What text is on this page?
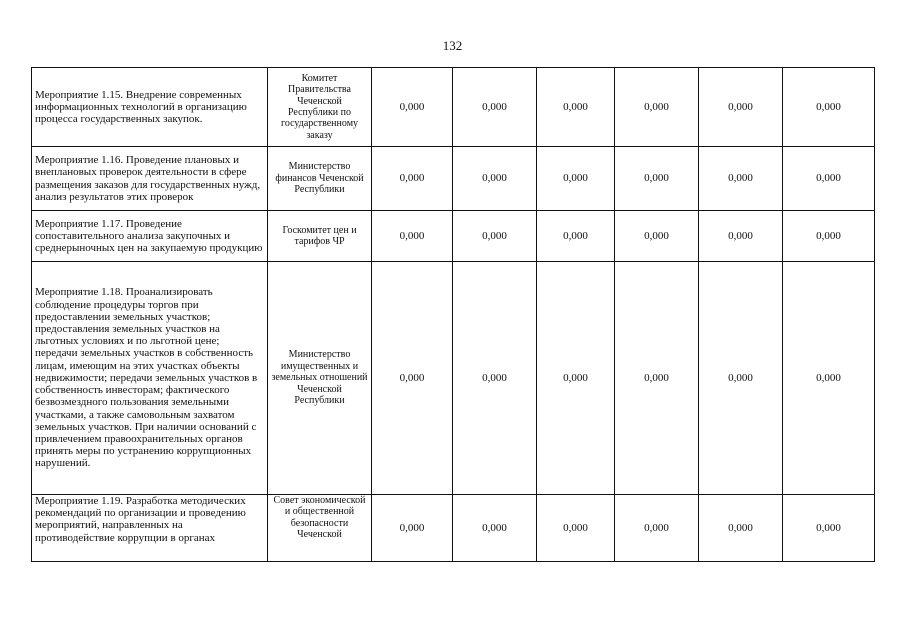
132
Мероприятие 1.15. Внедрение современных информационных технологий в организацию процесса государственных закупок.	Комитет Правительства Чеченской Республики по государственному заказу	0,000	0,000	0,000	0,000	0,000	0,000
Мероприятие 1.16. Проведение плановых и внеплановых проверок деятельности в сфере размещения заказов для государственных нужд, анализ результатов этих проверок	Министерство финансов Чеченской Республики	0,000	0,000	0,000	0,000	0,000	0,000
Мероприятие 1.17. Проведение сопоставительного анализа закупочных и среднерыночных цен на закупаемую продукцию	Госкомитет цен и тарифов ЧР	0,000	0,000	0,000	0,000	0,000	0,000
Мероприятие 1.18. Проанализировать соблюдение процедуры торгов при предоставлении земельных участков; предоставления земельных участков на льготных условиях и по льготной цене; передачи земельных участков в собственность лицам, имеющим на этих участках объекты недвижимости; передачи земельных участков в собственность инвесторам; фактического безвозмездного пользования земельными участками, а также самовольным захватом земельных участков. При наличии оснований с привлечением правоохранительных органов принять меры по устранению коррупционных нарушений.	Министерство имущественных и земельных отношений Чеченской Республики	0,000	0,000	0,000	0,000	0,000	0,000

Мероприятие 1.19. Разработка методических рекомендаций по организации и проведению мероприятий, направленных на противодействие коррупции в органах	Совет экономической и общественной безопасности Чеченской	0,000	0,000	0,000	0,000	0,000	0,000
